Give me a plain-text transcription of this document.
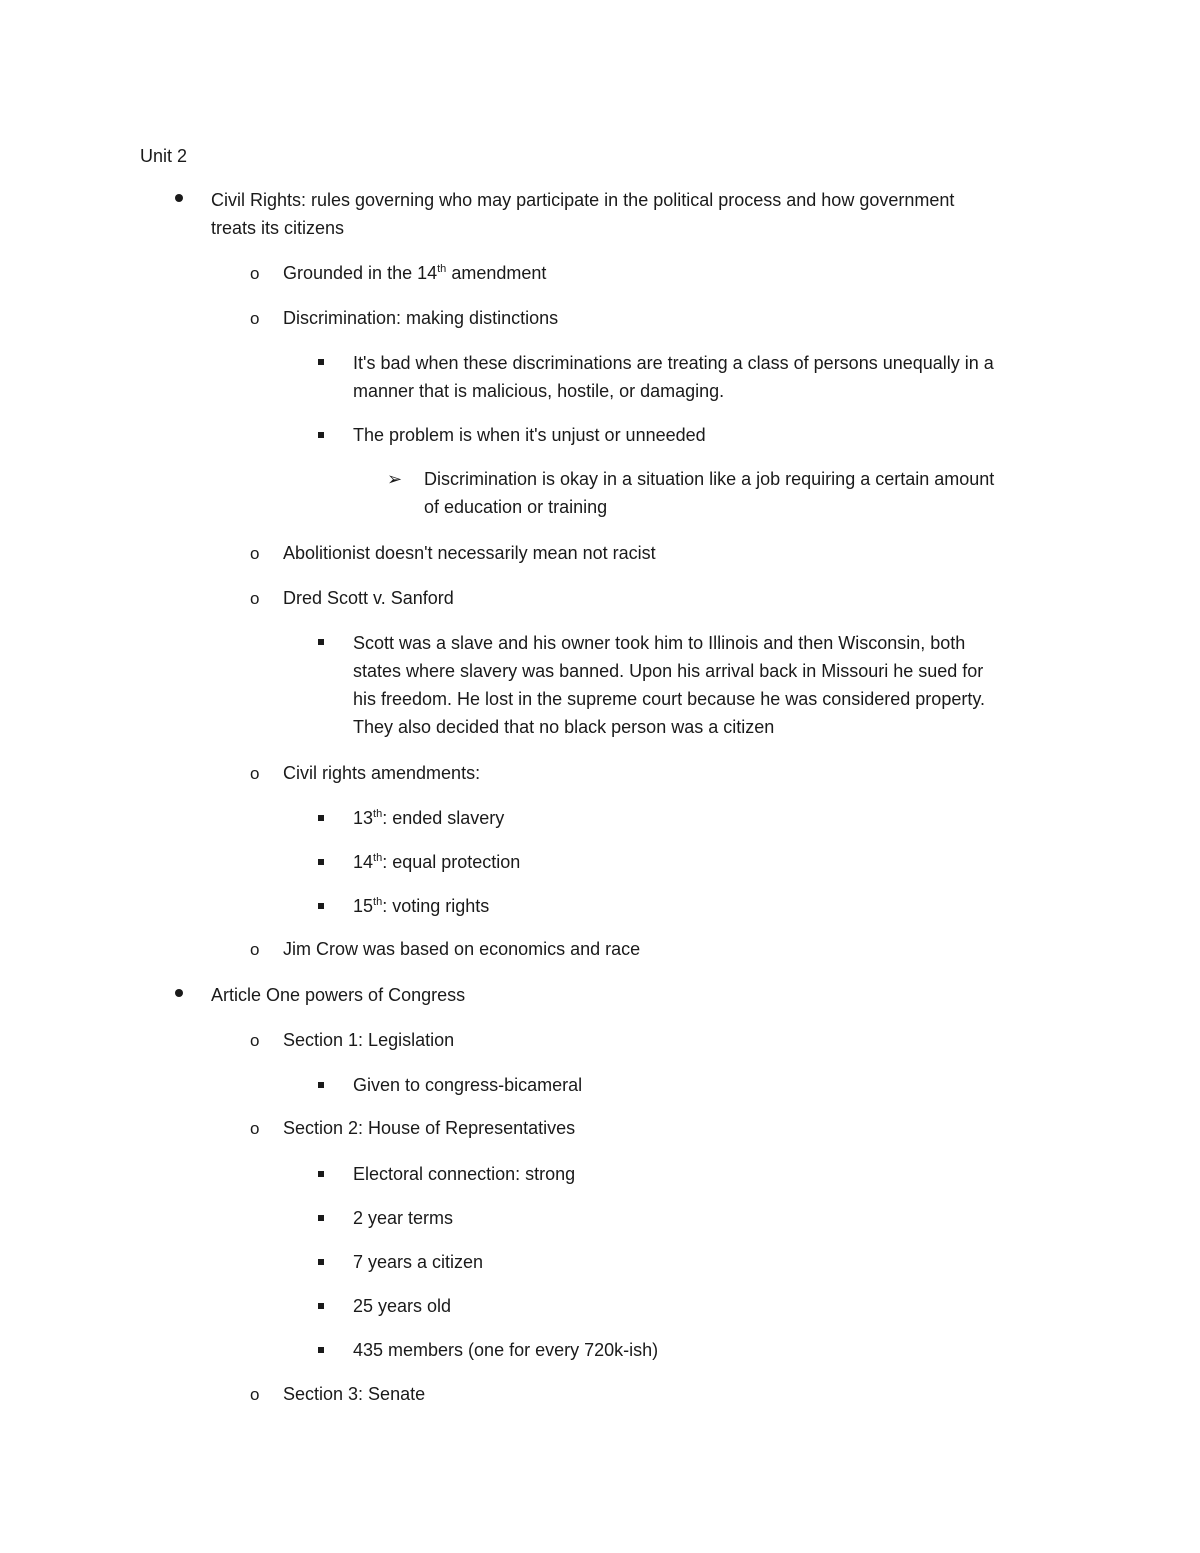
Unit 2
Civil Rights: rules governing who may participate in the political process and how government
treats its citizens
o Grounded in the 14th amendment
o Discrimination: making distinctions
It's bad when these discriminations are treating a class of persons unequally in a
manner that is malicious, hostile, or damaging.
The problem is when it's unjust or unneeded
➢ Discrimination is okay in a situation like a job requiring a certain amount
of education or training
o Abolitionist doesn't necessarily mean not racist
o Dred Scott v. Sanford
Scott was a slave and his owner took him to Illinois and then Wisconsin, both
states where slavery was banned. Upon his arrival back in Missouri he sued for
his freedom. He lost in the supreme court because he was considered property.
They also decided that no black person was a citizen
o Civil rights amendments:
13th: ended slavery
14th: equal protection
15th: voting rights
o Jim Crow was based on economics and race
Article One powers of Congress
o Section 1: Legislation
Given to congress-bicameral
o Section 2: House of Representatives
Electoral connection: strong
2 year terms
7 years a citizen
25 years old
435 members (one for every 720k-ish)
o Section 3: Senate
